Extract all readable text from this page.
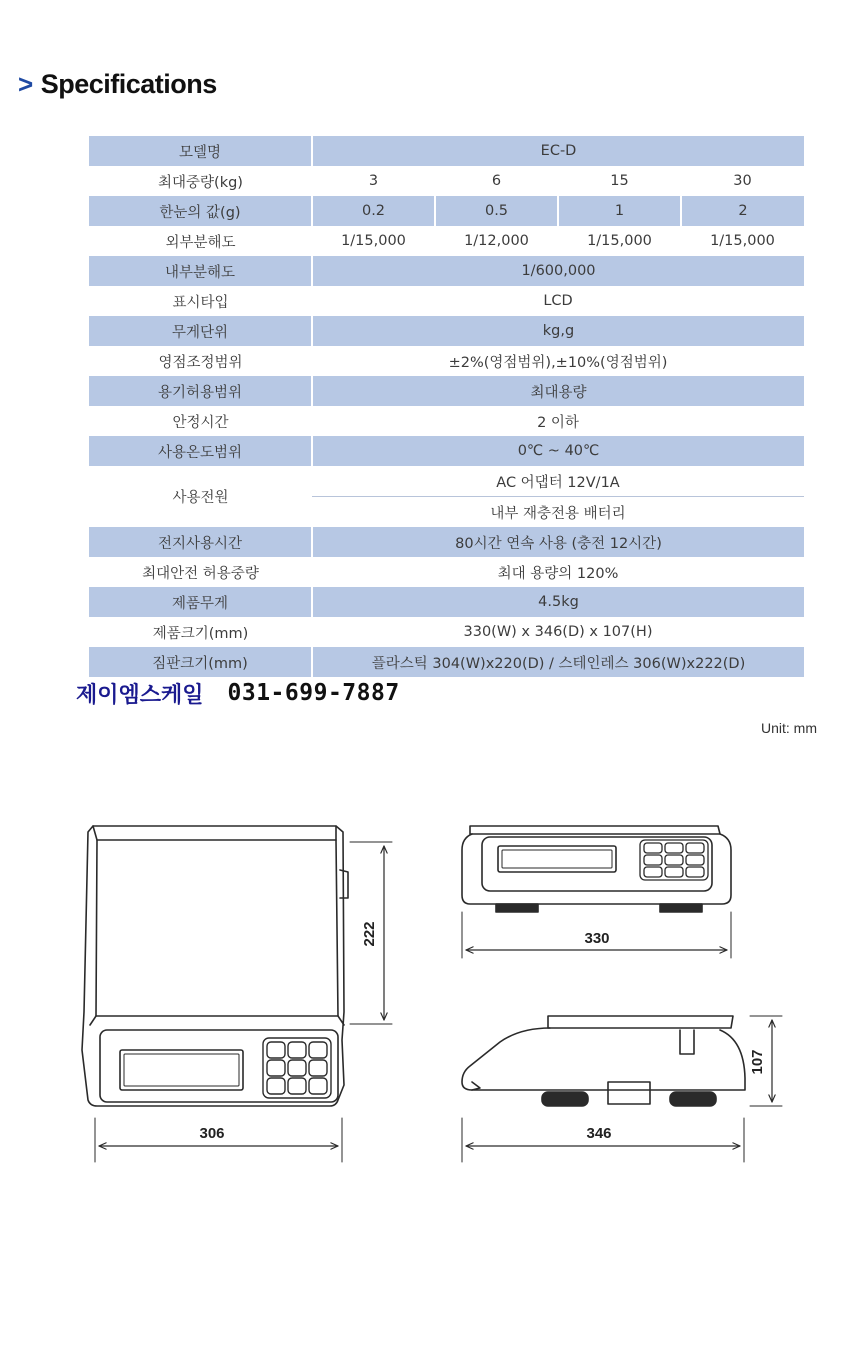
> Specifications
모델명	EC-D			
최대중량(kg)	3	6	15	30
한눈의 값(g)	0.2	0.5	1	2
외부분해도	1/15,000	1/12,000	1/15,000	1/15,000
내부분해도	1/600,000			
표시타입	LCD			
무게단위	kg,g			
영점조정범위	±2%(영점범위),±10%(영점범위)			
용기허용범위	최대용량			
안정시간	2 이하			
사용온도범위	0℃ ~ 40℃			
사용전원	AC 어댑터 12V/1A			
	내부 재충전용 배터리			
전지사용시간	80시간 연속 사용 (충전 12시간)			
최대안전 허용중량	최대 용량의 120%			
제품무게	4.5kg			
제품크기(mm)	330(W) x 346(D) x 107(H)			
짐판크기(mm)	플라스틱 304(W)x220(D) / 스테인레스 306(W)x222(D)			
제이엠스케일 031-699-7887
Unit: mm
222
306
330
346
107
